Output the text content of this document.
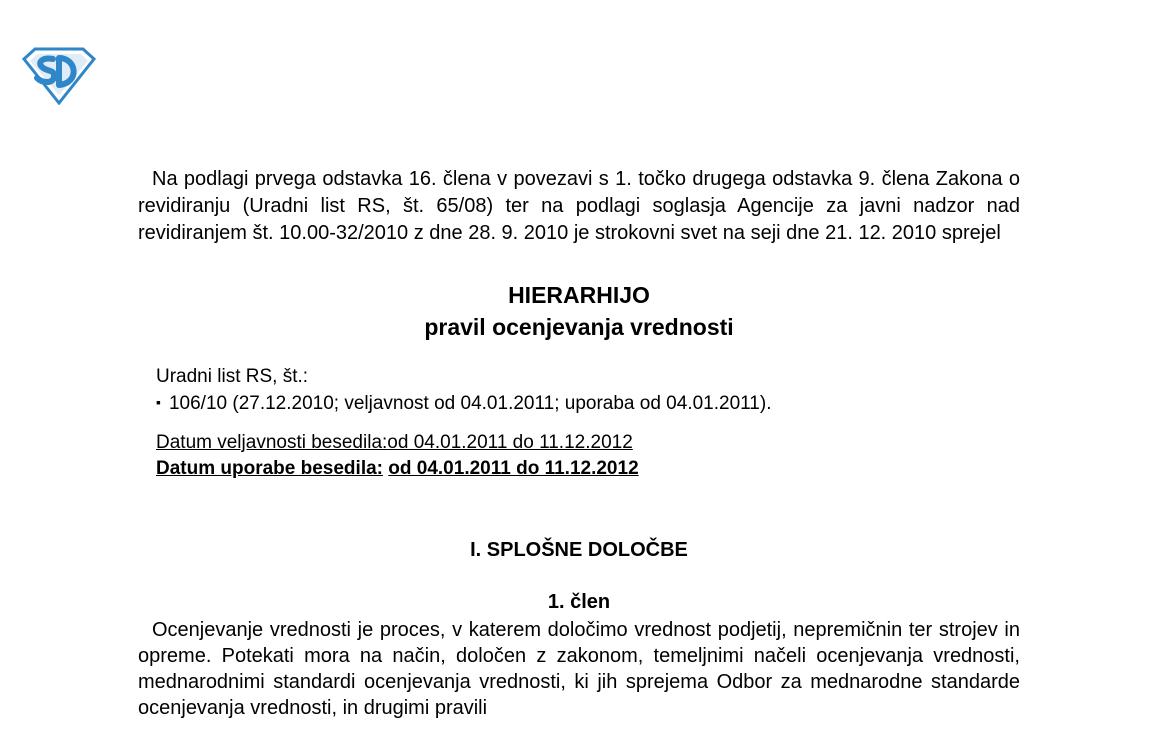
Na podlagi prvega odstavka 16. člena v povezavi s 1. točko drugega odstavka 9. člena Zakona o revidiranju (Uradni list RS, št. 65/08) ter na podlagi soglasja Agencije za javni nadzor nad revidiranjem št. 10.00-32/2010 z dne 28. 9. 2010 je strokovni svet na seji dne 21. 12. 2010 sprejel

HIERARHIJO
pravil ocenjevanja vrednosti
Uradni list RS, št.:
▪ 106/10 (27.12.2010; veljavnost od 04.01.2011; uporaba od 04.01.2011).
Datum veljavnosti besedila:od 04.01.2011 do 11.12.2012
Datum uporabe besedila: od 04.01.2011 do 11.12.2012
I. SPLOŠNE DOLOČBE
1. člen

Ocenjevanje vrednosti je proces, v katerem določimo vrednost podjetij, nepremičnin ter strojev in opreme. Potekati mora na način, določen z zakonom, temeljnimi načeli ocenjevanja vrednosti, mednarodnimi standardi ocenjevanja vrednosti, ki jih sprejema Odbor za mednarodne standarde ocenjevanja vrednosti, in drugimi pravili
